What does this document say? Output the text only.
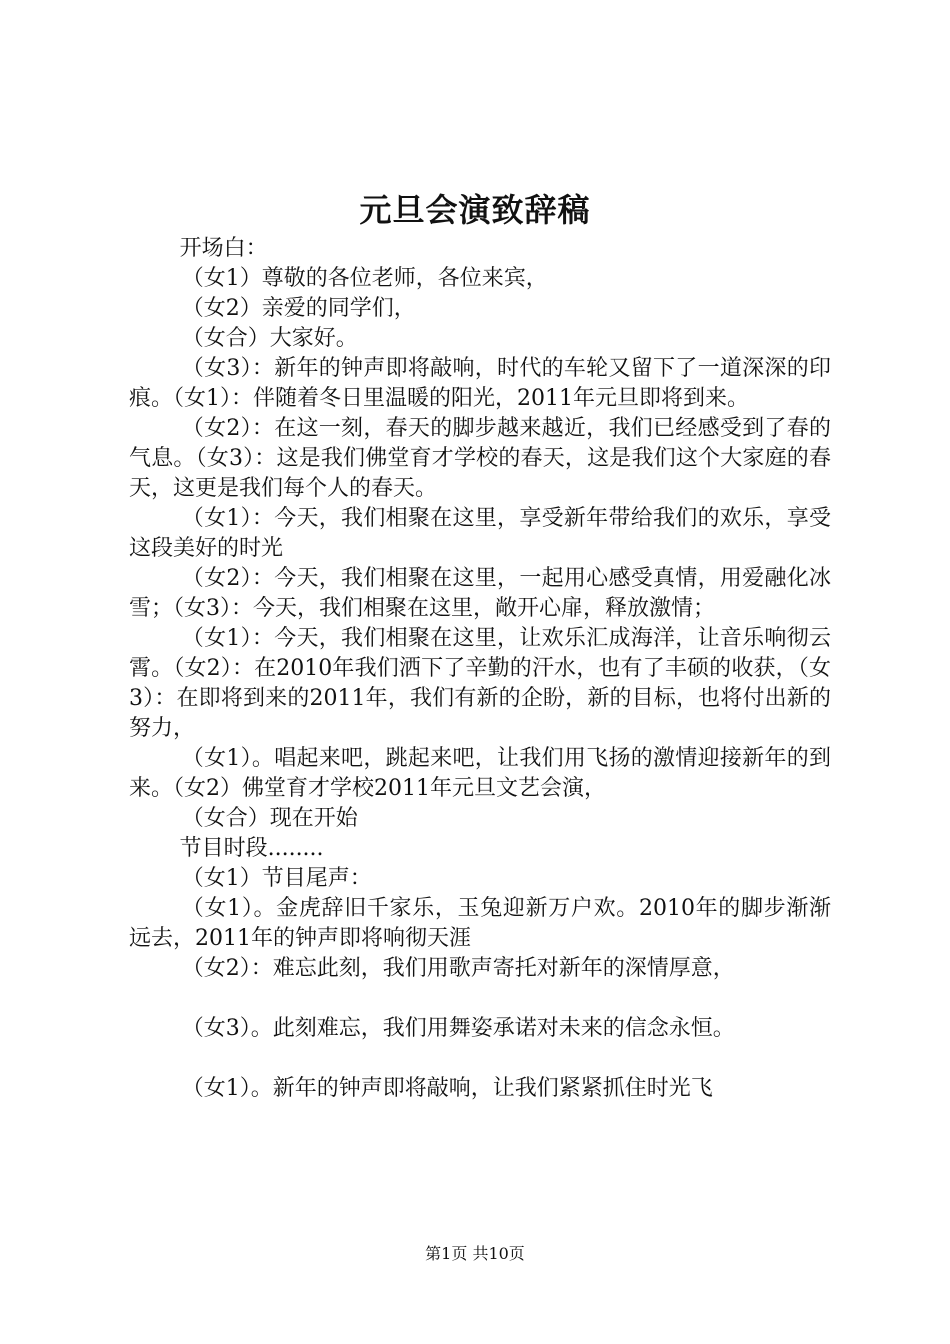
元旦会演致辞稿

开场白：

（女1）尊敬的各位老师，各位来宾，

（女2）亲爱的同学们，

（女合）大家好。

（女3）：新年的钟声即将敲响，时代的车轮又留下了一道深深的印痕。（女1）：伴随着冬日里温暖的阳光，2011年元旦即将到来。

（女2）：在这一刻，春天的脚步越来越近，我们已经感受到了春的气息。（女3）：这是我们佛堂育才学校的春天，这是我们这个大家庭的春天，这更是我们每个人的春天。

（女1）：今天，我们相聚在这里，享受新年带给我们的欢乐，享受这段美好的时光

（女2）：今天，我们相聚在这里，一起用心感受真情，用爱融化冰雪；（女3）：今天，我们相聚在这里，敞开心扉，释放激情；

（女1）：今天，我们相聚在这里，让欢乐汇成海洋，让音乐响彻云霄。（女2）：在2010年我们洒下了辛勤的汗水，也有了丰硕的收获，（女3）：在即将到来的2011年，我们有新的企盼，新的目标，也将付出新的努力，

（女1）。唱起来吧，跳起来吧，让我们用飞扬的激情迎接新年的到来。（女2）佛堂育才学校2011年元旦文艺会演，

（女合）现在开始

节目时段........

（女1）节目尾声：

（女1）。金虎辞旧千家乐，玉兔迎新万户欢。2010年的脚步渐渐远去，2011年的钟声即将响彻天涯

（女2）：难忘此刻，我们用歌声寄托对新年的深情厚意，

（女3）。此刻难忘，我们用舞姿承诺对未来的信念永恒。

（女1）。新年的钟声即将敲响，让我们紧紧抓住时光飞

第1页 共10页
